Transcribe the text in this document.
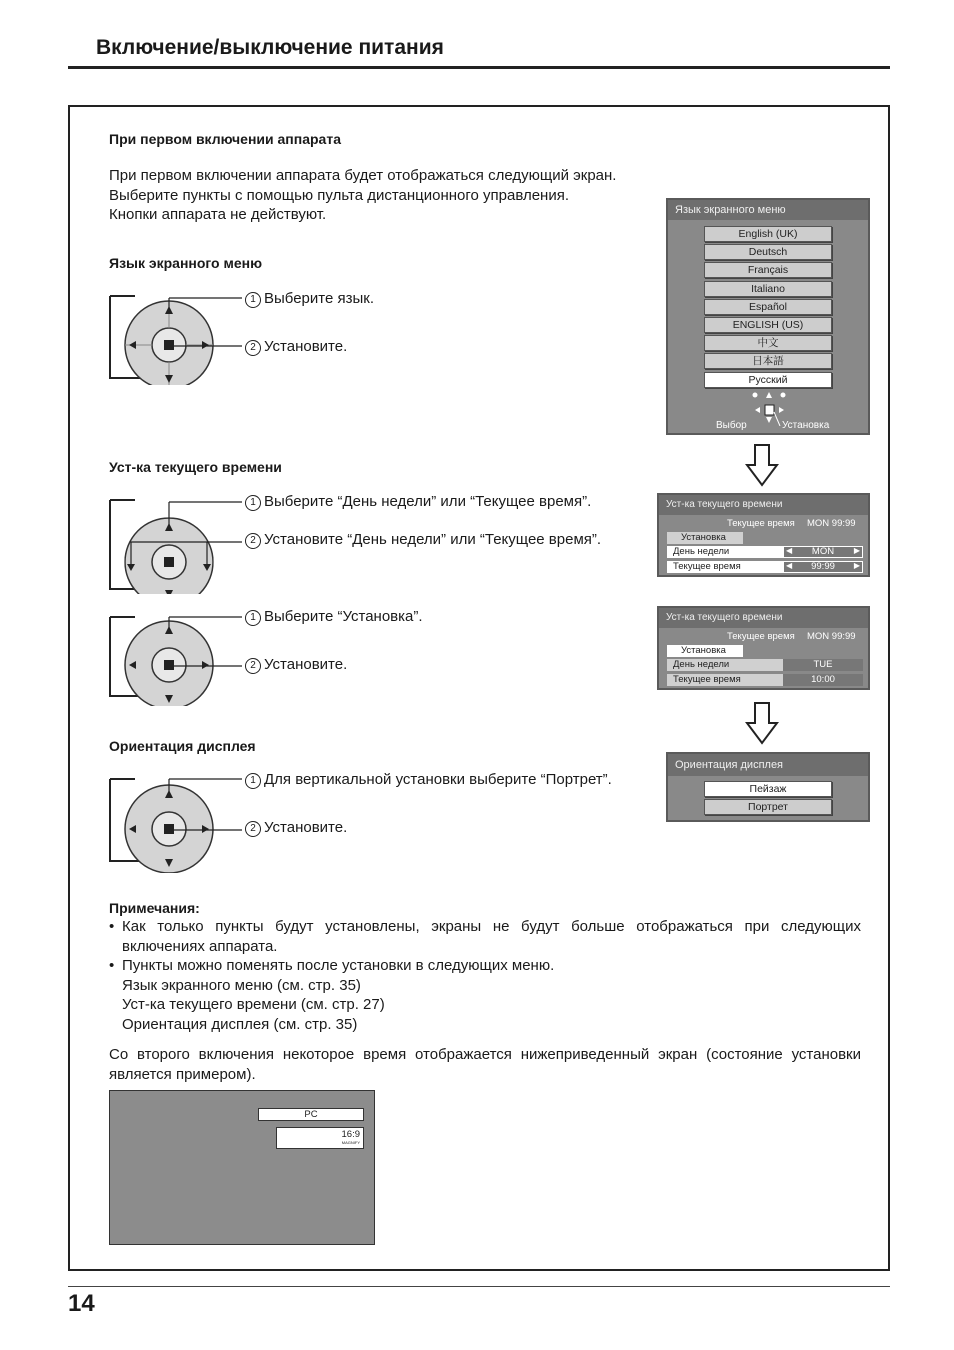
Включение/выключение питания
При первом включении аппарата
При первом включении аппарата будет отображаться следующий экран.
Выберите пункты с помощью пульта дистанционного управления.
Кнопки аппарата не действуют.
Язык экранного меню
1 Выберите язык.
2 Установите.
Язык экранного меню
English (UK)
Deutsch
Français
Italiano
Español
ENGLISH (US)
中文
日本語
Русский
Выбор	Установка
Уст-ка текущего времени
1 Выберите “День недели” или “Текущее время”.
2 Установите “День недели” или “Текущее время”.
Уст-ка текущего времени
Текущее время MON 99:99
Установка
День недели	◀	MON	▶
Текущее время	◀	99:99	▶
1 Выберите “Установка”.
2 Установите.
Уст-ка текущего времени
Текущее время MON 99:99
Установка
День недели	TUE
Текущее время	10:00
Ориентация дисплея
1 Для вертикальной установки выберите “Портрет”.
2 Установите.
Ориентация дисплея
Пейзаж
Портрет
Примечания:
• Как только пункты будут установлены, экраны не будут больше отображаться при следующих включениях аппарата.
• Пункты можно поменять после установки в следующих меню.
Язык экранного меню (см. стр. 35)
Уст-ка текущего времени (см. стр. 27)
Ориентация дисплея (см. стр. 35)
Со второго включения некоторое время отображается нижеприведенный экран (состояние установки является примером).
PC
16:9
MAGNIFY
14
